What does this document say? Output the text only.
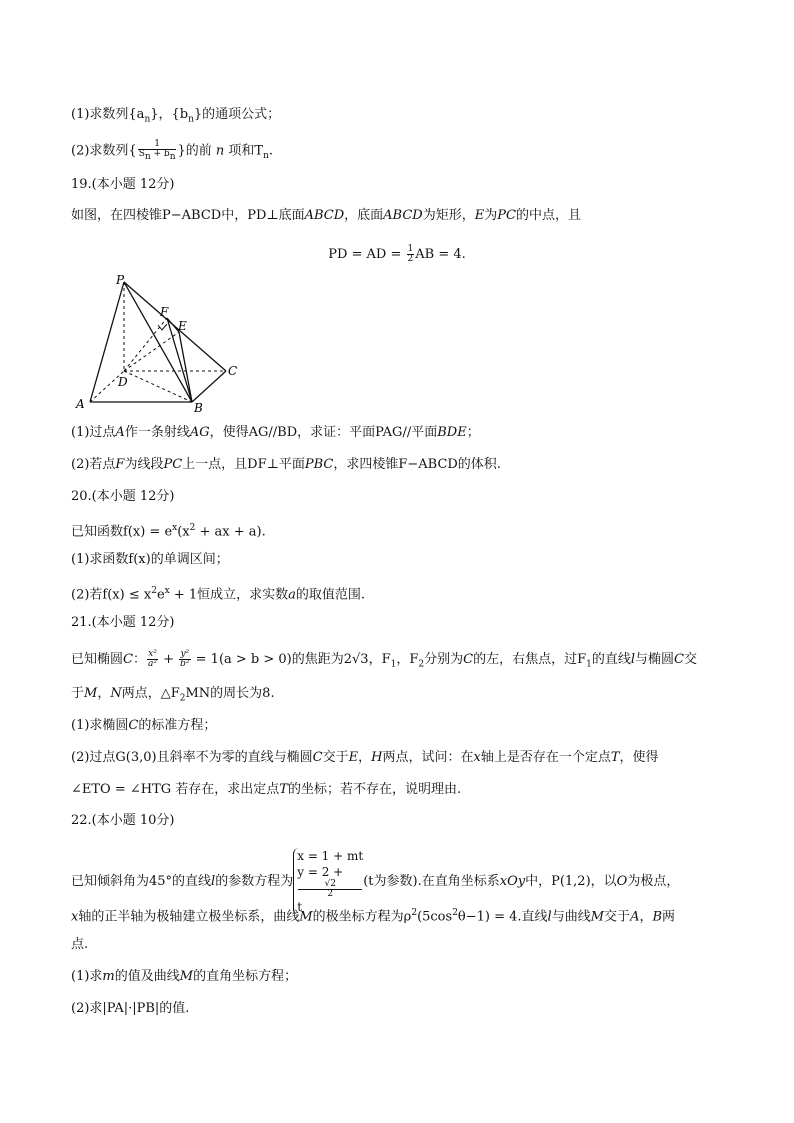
(1)求数列$\{a_n\}$，$\{b_n\}$的通项公式；
(2)求数列{ $\frac{1}{S_n + b_n}$ }的前 n 项和$T_n$.
19.(本小题 12分)
如图，在四棱锥P−ABCD中，PD⊥底面ABCD，底面ABCD为矩形，E为PC的中点，且
PD = AD = $\frac{1}{2}$ AB = 4.
P
F
E
D
C
A	B
(1)过点A作一条射线AG，使得AG//BD，求证：平面PAG//平面BDE；
(2)若点F为线段PC上一点，且DF⊥平面PBC，求四棱锥F−ABCD的体积.
20.(本小题 12分)
已知函数$f(x) = e^x(x^2$ + ax + a).
(1)求函数f(x)的单调区间；
(2)若$f(x) \le x^2e^x + 1$恒成立，求实数a的取值范围.
21.(本小题 12分)
已知椭圆C： $\frac{\text{x²}}{\text{a²}} + \frac{\text{y²}}{\text{b²}} = 1(a > b > 0)$的焦距为2√3，$F_1$，$F_2$分别为C的左，右焦点，过$F_1$的直线l与椭圆C交
于M，N两点，$\triangle F_2MN$的周长为8.
(1)求椭圆C的标准方程；
(2)过点G(3,0)且斜率不为零的直线与椭圆C交于E，H两点，试问：在x轴上是否存在一个定点T，使得
∠ETO = ∠HTG 若存在，求出定点T的坐标；若不存在，说明理由.
22.(本小题 10分)
已知倾斜角为45°的直线l的参数方程为
x = 1 + mt
y = 2 +
√2
2
t
(t为参数).在直角坐标系xOy中，P(1,2)，以O为极点，
x轴的正半轴为极轴建立极坐标系，曲线M的极坐标方程为$\rho^2(5\cos^2\theta-1) = 4$.直线l与曲线M交于A，B两
点.
(1)求m的值及曲线M的直角坐标方程；
(2)求|PA|·|PB|的值.
